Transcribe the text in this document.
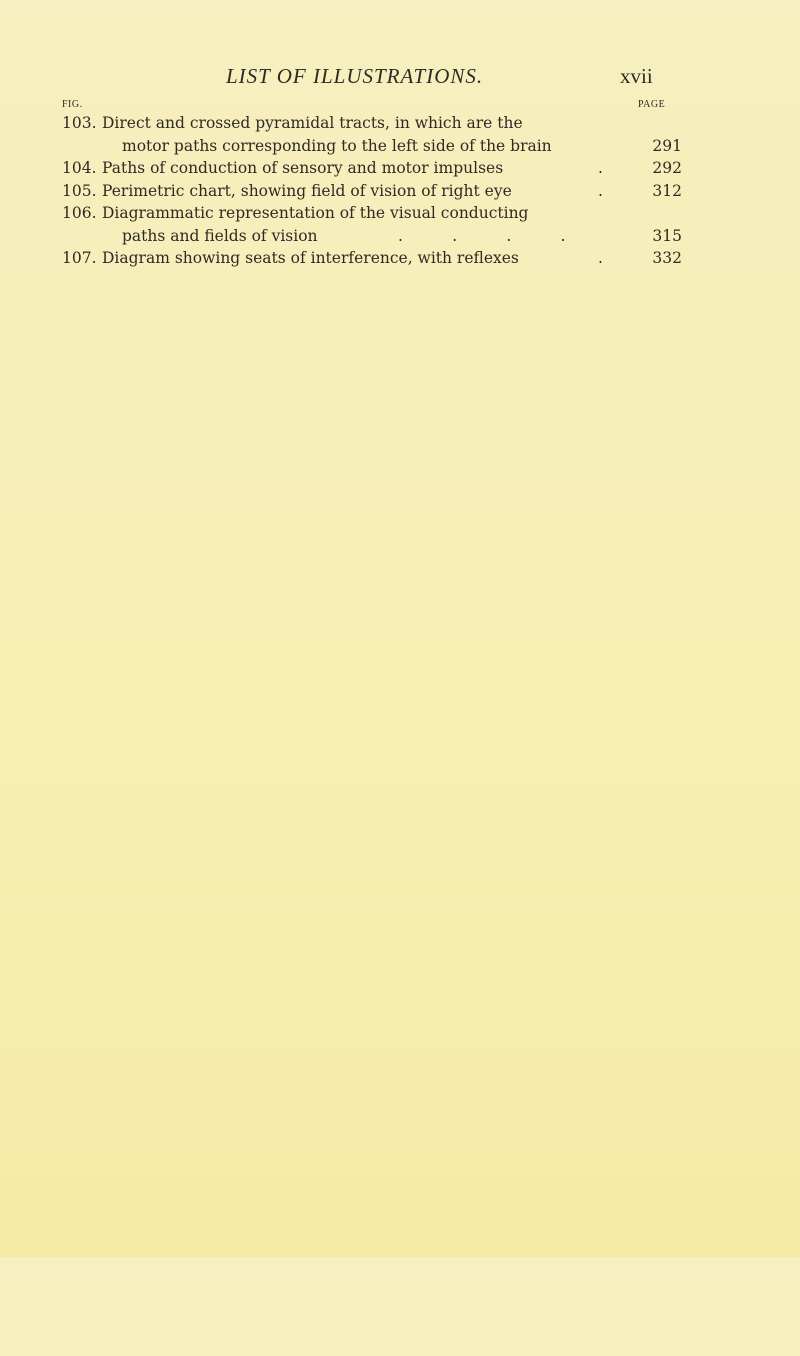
LIST OF ILLUSTRATIONS.	xvii
FIG.	PAGE
103. Direct and crossed pyramidal tracts, in which are the
motor paths corresponding to the left side of the brain	291
104. Paths of conduction of sensory and motor impulses	.	292
105. Perimetric chart, showing field of vision of right eye	.	312
106. Diagrammatic representation of the visual conducting
paths and fields of vision	.          .          .          .	315
107. Diagram showing seats of interference, with reflexes	.	332
